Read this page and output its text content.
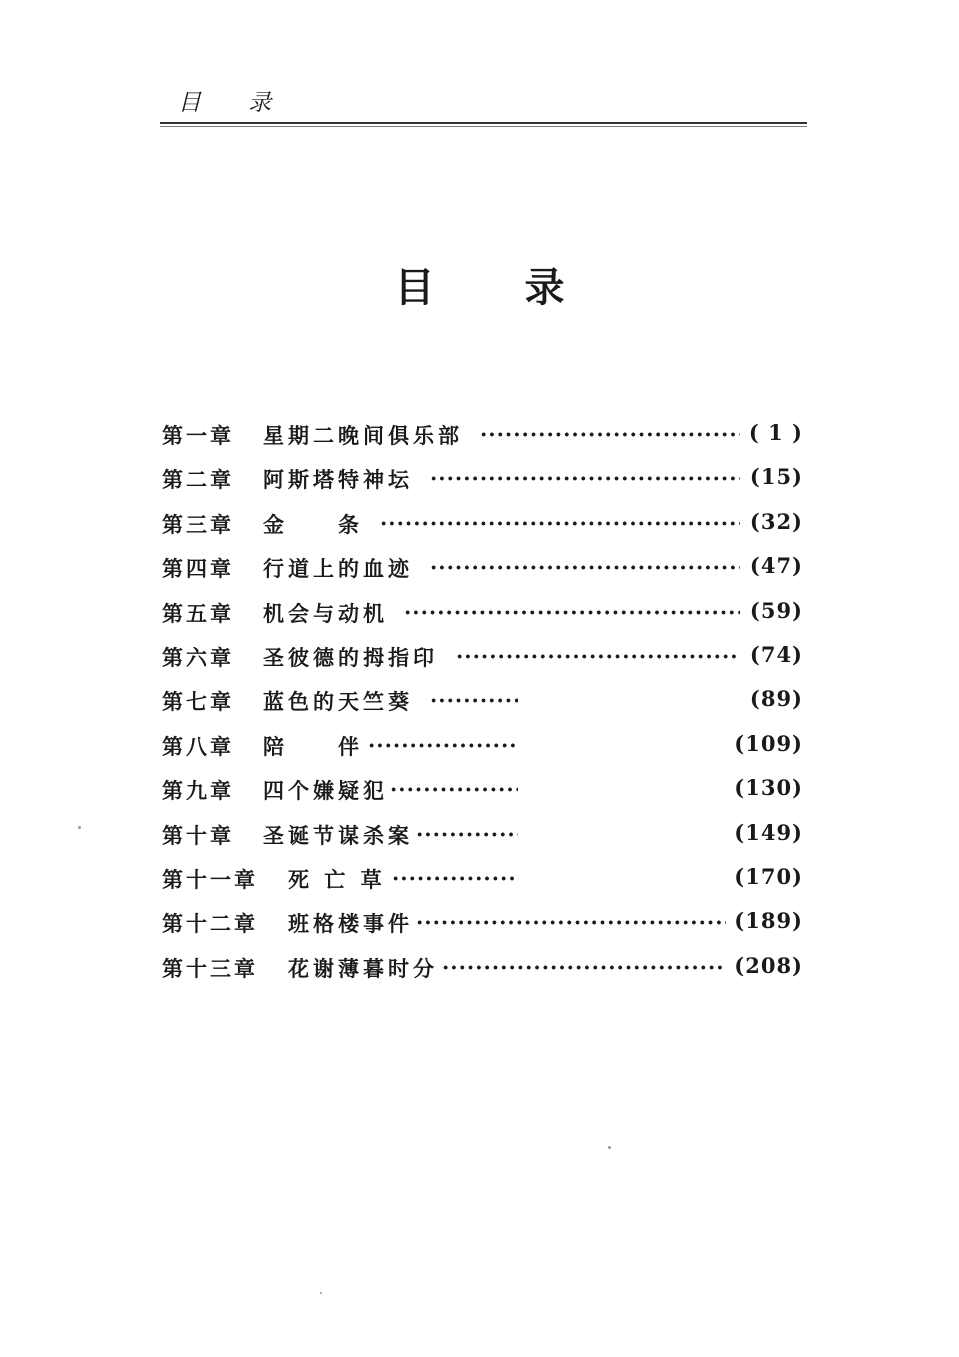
目 录
目 录
第一章 星期二晚间俱乐部 ·····	( 1 )
第二章 阿斯塔特神坛 ·····	(15)
第三章 金　　条 ·····	(32)
第四章 行道上的血迹 ·····	(47)
第五章 机会与动机 ·····	(59)
第六章 圣彼德的拇指印 ·····	(74)
第七章 蓝色的天竺葵 ·····	(89)
第八章 陪　　伴 ·····	(109)
第九章 四个嫌疑犯 ·····	(130)
第十章 圣诞节谋杀案 ·····	(149)
第十一章 死 亡 草 ·····	(170)
第十二章 班格楼事件 ·····	(189)
第十三章 花谢薄暮时分 ·····	(208)
